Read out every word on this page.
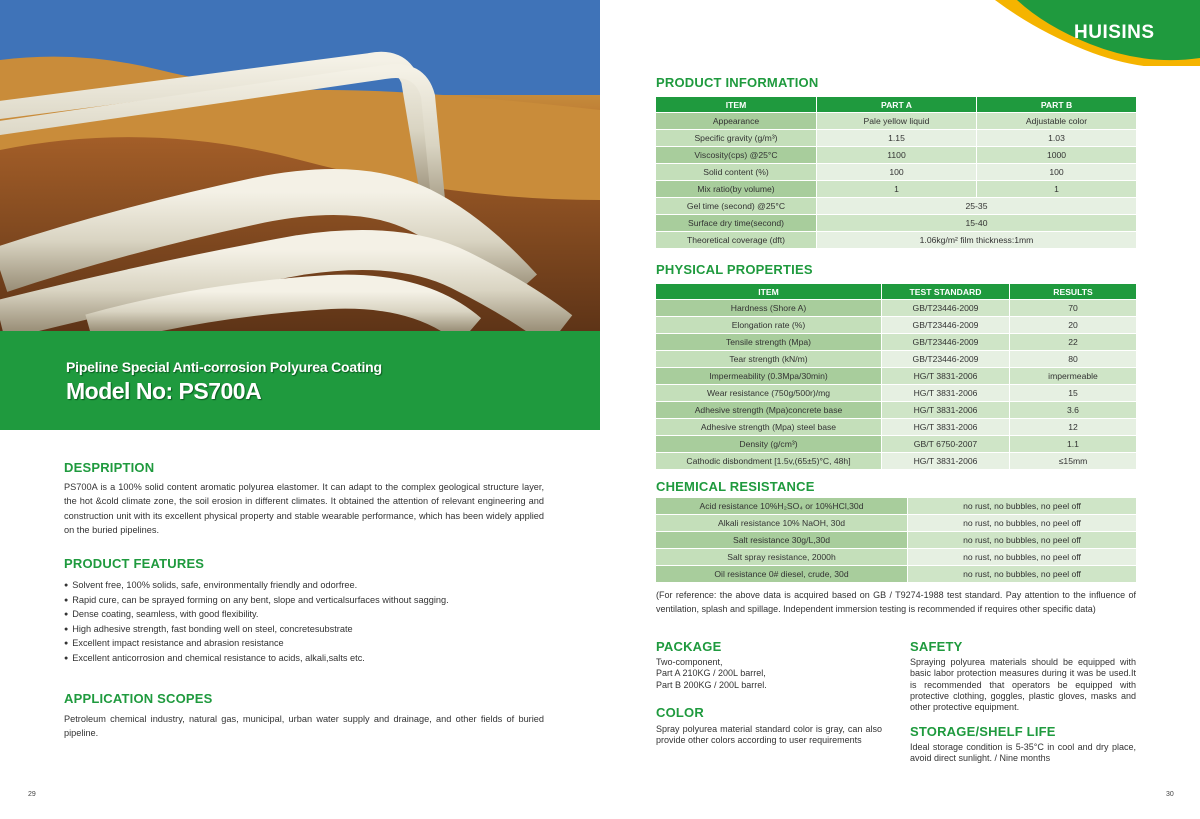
Pipeline Special Anti-corrosion Polyurea Coating
Model No: PS700A
DESPRIPTION
PS700A is a 100% solid content aromatic polyurea elastomer. It can adapt to the complex geological structure layer, the hot &cold climate zone, the soil erosion in different climates. It obtained the attention of relevant engineering and construction unit with its excellent physical property and stable wearable performance, which has been widely applied on the buried pipelines.
PRODUCT FEATURES
● Solvent free, 100% solids, safe, environmentally friendly and odorfree.
● Rapid cure, can be sprayed forming on any bent, slope and verticalsurfaces without sagging.
● Dense coating, seamless, with good flexibility.
● High adhesive strength, fast bonding well on steel, concretesubstrate
● Excellent impact resistance and abrasion resistance
● Excellent anticorrosion and chemical resistance to acids, alkali,salts etc.
APPLICATION SCOPES
Petroleum chemical industry, natural gas, municipal, urban water supply and drainage, and other fields of buried pipeline.
29
HUISINS
PRODUCT INFORMATION
ITEM	PART A	PART B
Appearance	Pale yellow liquid	Adjustable color
Specific gravity (g/m³)	1.15	1.03
Viscosity(cps) @25°C	1100	1000
Solid content (%)	100	100
Mix ratio(by volume)	1	1
Gel time (second) @25°C	25-35	
Surface dry time(second)	15-40	
Theoretical coverage (dft)	1.06kg/m² film thickness:1mm	
PHYSICAL PROPERTIES
ITEM	TEST STANDARD	RESULTS
Hardness (Shore A)	GB/T23446-2009	70
Elongation rate (%)	GB/T23446-2009	20
Tensile strength (Mpa)	GB/T23446-2009	22
Tear strength (kN/m)	GB/T23446-2009	80
Impermeability (0.3Mpa/30min)	HG/T 3831-2006	impermeable
Wear resistance (750g/500r)/mg	HG/T 3831-2006	15
Adhesive strength (Mpa)concrete base	HG/T 3831-2006	3.6
Adhesive strength (Mpa) steel base	HG/T 3831-2006	12
Density (g/cm³)	GB/T 6750-2007	1.1
Cathodic disbondment [1.5v,(65±5)°C, 48h]	HG/T 3831-2006	≤15mm
CHEMICAL RESISTANCE
Acid resistance 10%H₂SO₄ or 10%HCl,30d	no rust, no bubbles, no peel off
Alkali resistance 10% NaOH, 30d	no rust, no bubbles, no peel off
Salt resistance 30g/L,30d	no rust, no bubbles, no peel off
Salt spray resistance, 2000h	no rust, no bubbles, no peel off
Oil resistance 0# diesel, crude, 30d	no rust, no bubbles, no peel off
(For reference: the above data is acquired based on GB / T9274-1988 test standard. Pay attention to the influence of ventilation, splash and spillage. Independent immersion testing is recommended if requires other specific data)
PACKAGE
Two-component,
Part A 210KG / 200L barrel,
Part B 200KG / 200L barrel.
COLOR
Spray polyurea material standard color is gray, can also provide other colors according to user requirements
SAFETY
Spraying polyurea materials should be equipped with basic labor protection measures during it was be used.It is recommended that operators be equipped with protective clothing, goggles, plastic gloves, masks and other protective equipment.
STORAGE/SHELF LIFE
Ideal storage condition is 5-35°C in cool and dry place, avoid direct sunlight. / Nine months
30
